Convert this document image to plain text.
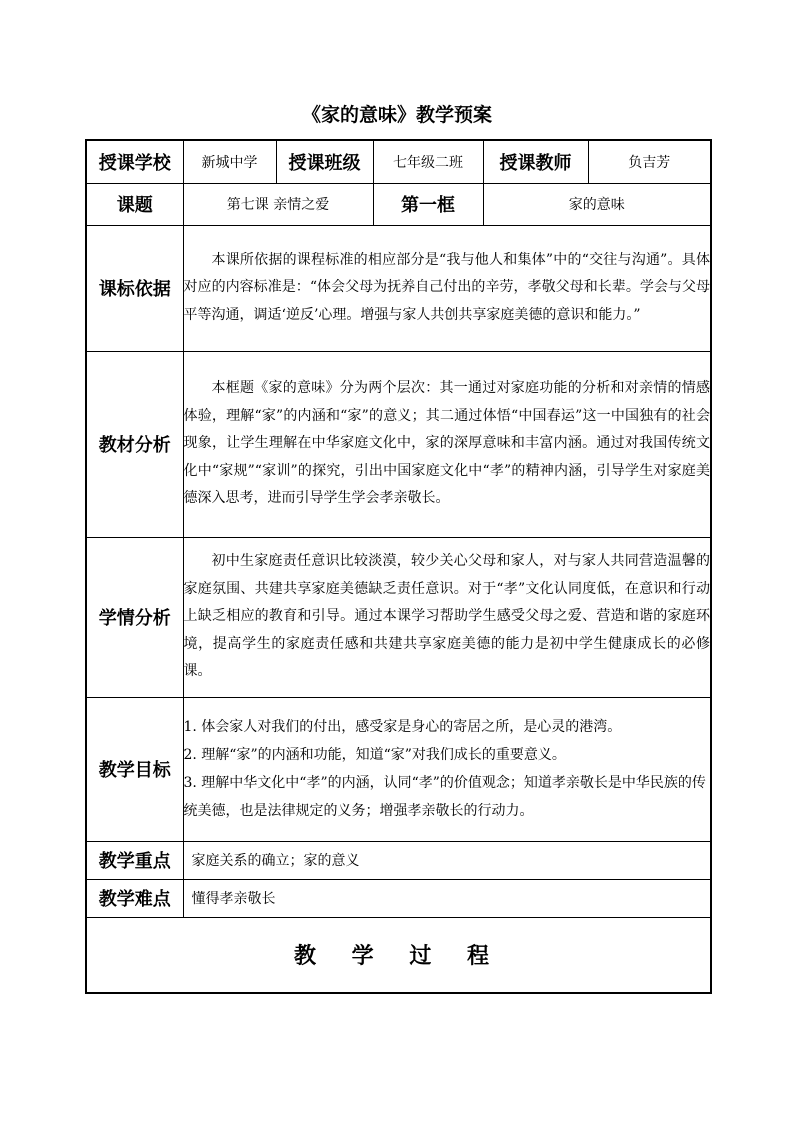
《家的意味》教学预案
授课学校	新城中学	授课班级	七年级二班	授课教师	负吉芳
课题	第七课 亲情之爱		第一框	家的意味	
课标依据	本课所依据的课程标准的相应部分是“我与他人和集体”中的“交往与沟通”。具体对应的内容标准是：“体会父母为抚养自己付出的辛劳，孝敬父母和长辈。学会与父母平等沟通，调适‘逆反’心理。增强与家人共创共享家庭美德的意识和能力。”				

教材分析	本框题《家的意味》分为两个层次：其一通过对家庭功能的分析和对亲情的情感体验，理解“家”的内涵和“家”的意义；其二通过体悟“中国春运”这一中国独有的社会现象，让学生理解在中华家庭文化中，家的深厚意味和丰富内涵。通过对我国传统文化中“家规”“家训”的探究，引出中国家庭文化中“孝”的精神内涵，引导学生对家庭美德深入思考，进而引导学生学会孝亲敬长。				

学情分析	初中生家庭责任意识比较淡漠，较少关心父母和家人，对与家人共同营造温馨的家庭氛围、共建共享家庭美德缺乏责任意识。对于“孝”文化认同度低，在意识和行动上缺乏相应的教育和引导。通过本课学习帮助学生感受父母之爱、营造和谐的家庭环境，提高学生的家庭责任感和共建共享家庭美德的能力是初中学生健康成长的必修课。				

教学目标	1. 体会家人对我们的付出，感受家是身心的寄居之所，是心灵的港湾。
2. 理解“家”的内涵和功能，知道“家”对我们成长的重要意义。
3. 理解中华文化中“孝”的内涵，认同“孝”的价值观念；知道孝亲敬长是中华民族的传统美德，也是法律规定的义务；增强孝亲敬长的行动力。				

教学重点	家庭关系的确立；家的意义				
教学难点	懂得孝亲敬长				
教 学 过 程					
